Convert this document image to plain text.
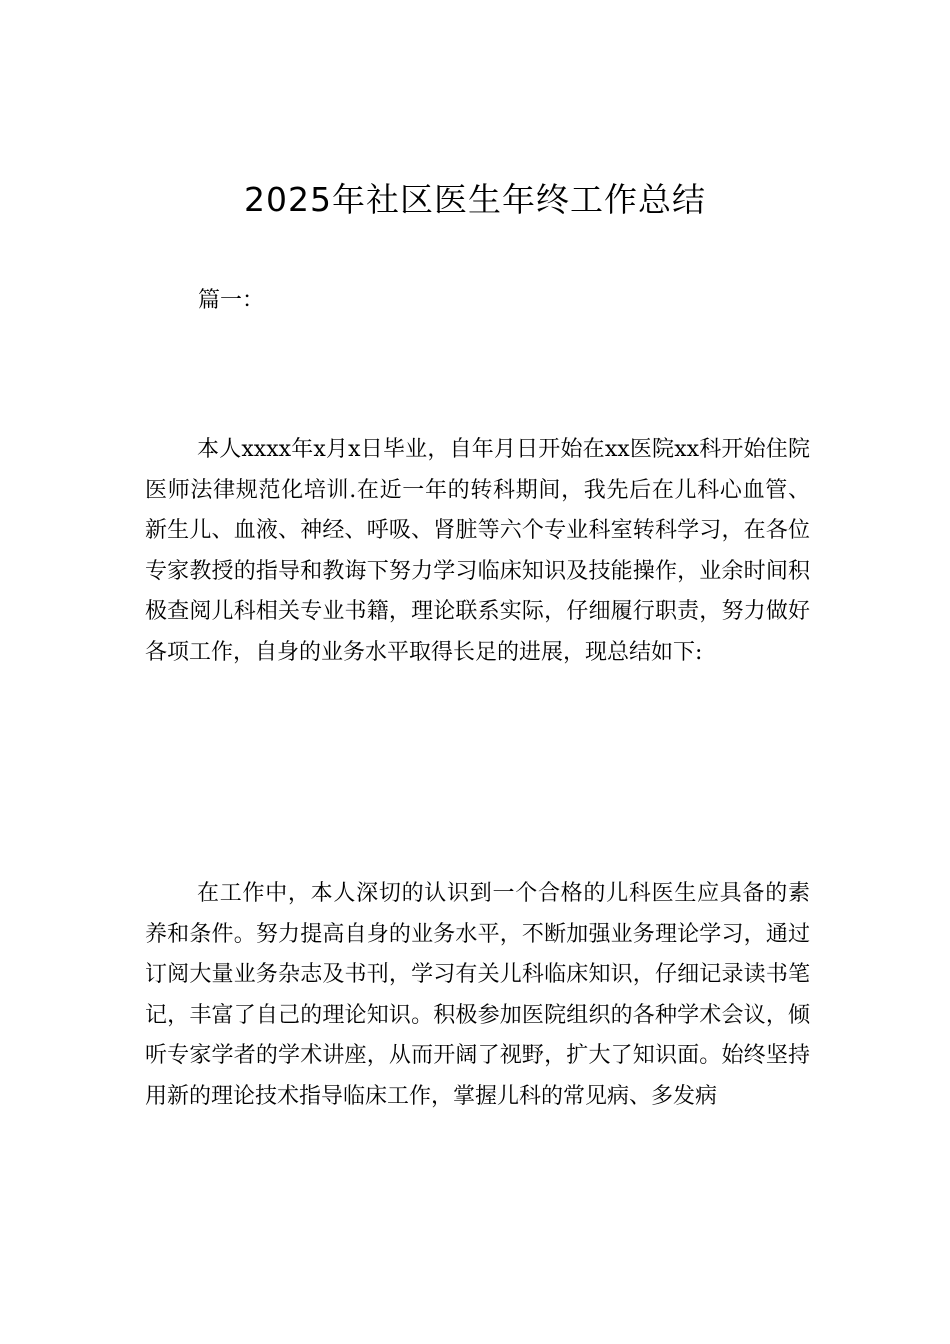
2025年社区医生年终工作总结

篇一：

本人xxxx年x月x日毕业，自年月日开始在xx医院xx科开始住院医师法律规范化培训.在近一年的转科期间，我先后在儿科心血管、新生儿、血液、神经、呼吸、肾脏等六个专业科室转科学习，在各位专家教授的指导和教诲下努力学习临床知识及技能操作，业余时间积极查阅儿科相关专业书籍，理论联系实际，仔细履行职责，努力做好各项工作，自身的业务水平取得长足的进展，现总结如下:

在工作中，本人深切的认识到一个合格的儿科医生应具备的素养和条件。努力提高自身的业务水平，不断加强业务理论学习，通过订阅大量业务杂志及书刊，学习有关儿科临床知识，仔细记录读书笔记，丰富了自己的理论知识。积极参加医院组织的各种学术会议，倾听专家学者的学术讲座，从而开阔了视野，扩大了知识面。始终坚持用新的理论技术指导临床工作，掌握儿科的常见病、多发病
